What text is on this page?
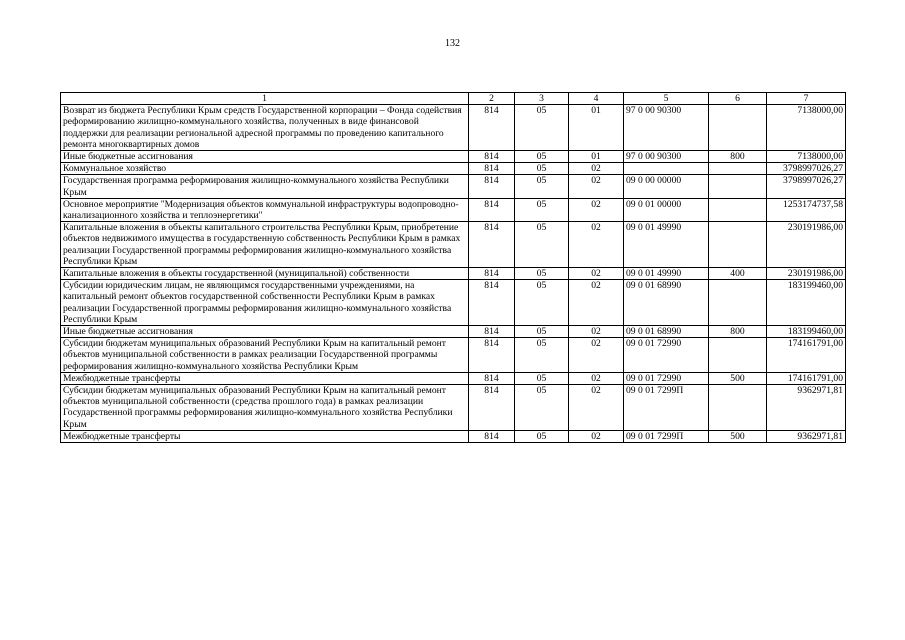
132
1	2	3	4	5	6	7
Возврат из бюджета Республики Крым средств Государственной корпорации – Фонда содействия реформированию жилищно-коммунального хозяйства, полученных в виде финансовой поддержки для реализации региональной адресной программы по проведению капитального ремонта многоквартирных домов	814	05	01	97 0 00 90300		7138000,00
Иные бюджетные ассигнования	814	05	01	97 0 00 90300	800	7138000,00
Коммунальное хозяйство	814	05	02			3798997026,27
Государственная программа реформирования жилищно-коммунального хозяйства Республики Крым	814	05	02	09 0 00 00000		3798997026,27
Основное мероприятие "Модернизация объектов коммунальной инфраструктуры водопроводно-канализационного хозяйства и теплоэнергетики"	814	05	02	09 0 01 00000		1253174737,58
Капитальные вложения в объекты капитального строительства Республики Крым, приобретение объектов недвижимого имущества в государственную собственность Республики Крым в рамках реализации Государственной программы реформирования жилищно-коммунального хозяйства Республики Крым	814	05	02	09 0 01 49990		230191986,00
Капитальные вложения в объекты государственной (муниципальной) собственности	814	05	02	09 0 01 49990	400	230191986,00
Субсидии юридическим лицам, не являющимся государственными учреждениями, на капитальный ремонт объектов государственной собственности Республики Крым в рамках реализации Государственной программы реформирования жилищно-коммунального хозяйства Республики Крым	814	05	02	09 0 01 68990		183199460,00
Иные бюджетные ассигнования	814	05	02	09 0 01 68990	800	183199460,00
Субсидии бюджетам муниципальных образований Республики Крым на капитальный ремонт объектов муниципальной собственности в рамках реализации Государственной программы реформирования жилищно-коммунального хозяйства Республики Крым	814	05	02	09 0 01 72990		174161791,00
Межбюджетные трансферты	814	05	02	09 0 01 72990	500	174161791,00
Субсидии бюджетам муниципальных образований Республики Крым на капитальный ремонт объектов муниципальной собственности (средства прошлого года) в рамках реализации Государственной программы реформирования жилищно-коммунального хозяйства Республики Крым	814	05	02	09 0 01 7299П		9362971,81
Межбюджетные трансферты	814	05	02	09 0 01 7299П	500	9362971,81
